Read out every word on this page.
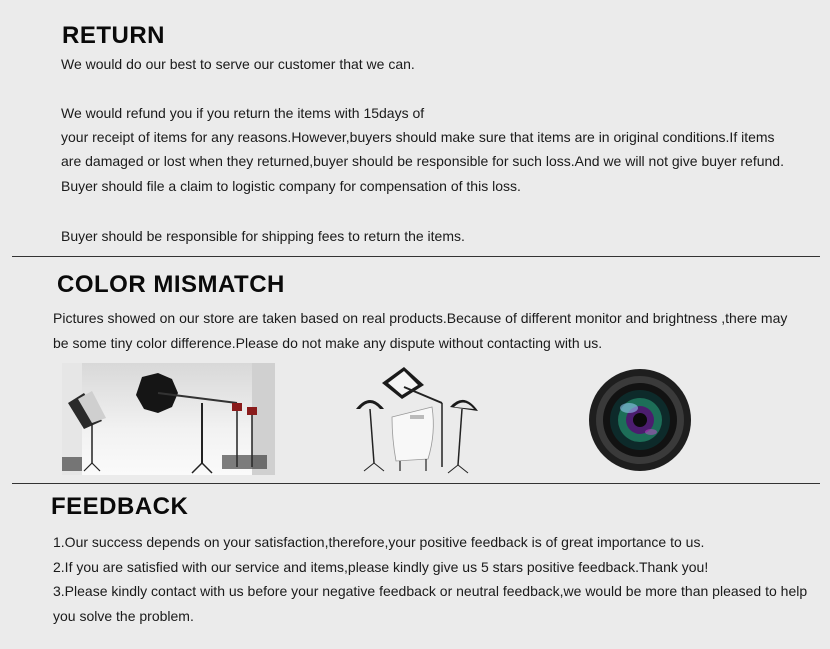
RETURN

We would do our best to serve our customer that we can.

We would refund you if you return the items with 15days of

your receipt of items for any reasons.However,buyers should make sure that items are in original conditions.If items

are damaged or lost when they returned,buyer should be responsible for such loss.And we will not give buyer refund.

Buyer should file a claim to logistic company for compensation of this loss.

Buyer should be responsible for shipping fees to return the items.

COLOR MISMATCH

Pictures showed on our store are taken based on real products.Because of different monitor and brightness ,there may

be some tiny color difference.Please do not make any dispute without contacting with us.

FEEDBACK

1.Our success depends on your satisfaction,therefore,your positive feedback is of great importance to us.

2.If you are satisfied with our service and items,please kindly give us 5 stars positive feedback.Thank you!

3.Please kindly contact with us before your negative feedback or neutral feedback,we would be more than pleased to help

you solve the problem.
